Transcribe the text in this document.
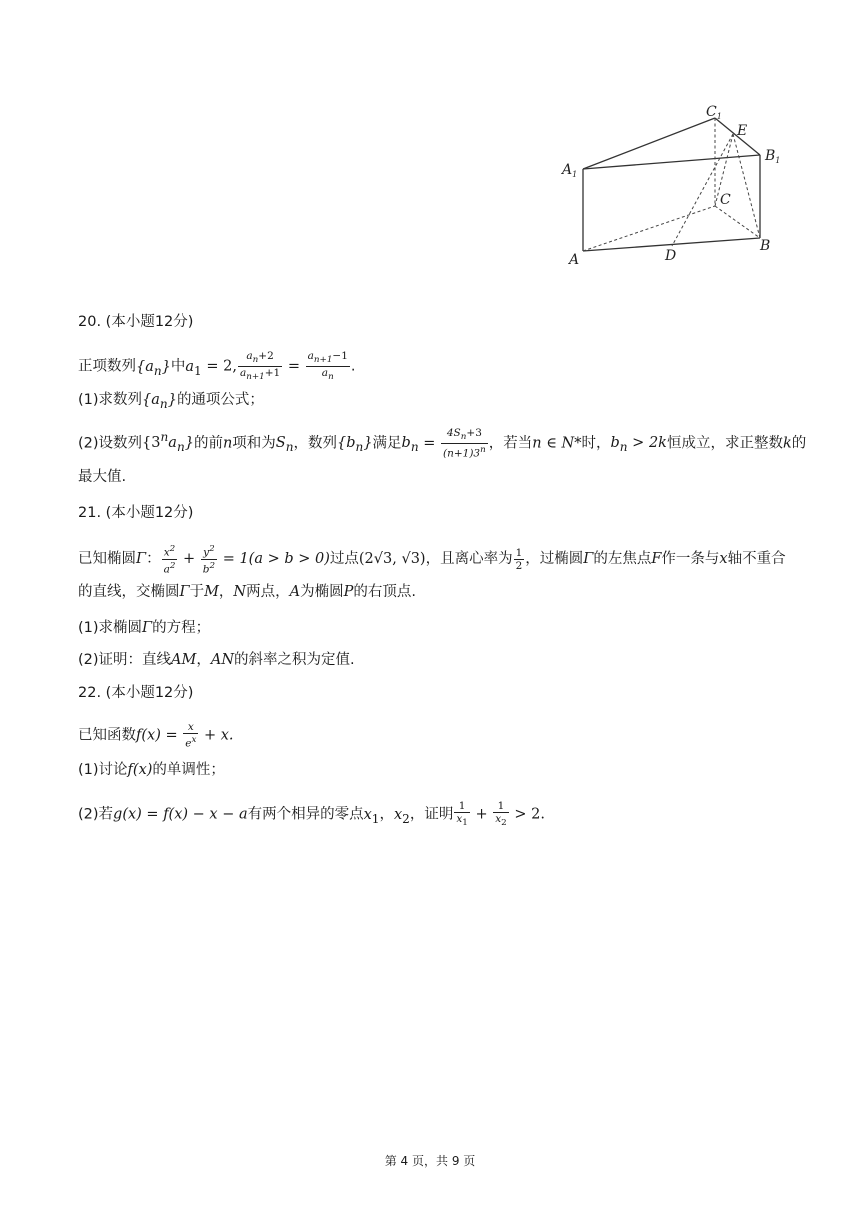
$C_1$
E
$A_1$
$B_1$
C
A	D
B
20. (本小题12分)
正项数列$\{a_n\}$中$a_1 = 2$, $\frac{a_n+2}{a_{n+1}+1} = \frac{a_{n+1}-1}{a_n}$ .
(1)求数列$\{a_n\}$的通项公式；
(2)设数列$\{3^na_n\}$的前n项和为$S_n$，数列$\{b_n\}$满足$b_n = \frac{4S_n+3}{(n+1)3^n}$ ，若当n ∈ N*时，$b_n > 2k$恒成立，求正整数k的
最大值.
21. (本小题12分)
已知椭圆Γ： $\frac{x^2}{a^2} + \frac{y^2}{b^2} = 1(a > b > 0)$过点(2√3, √3)，且离心率为 $\frac{1}{2}$ ，过椭圆Γ的左焦点F作一条与x轴不重合
的直线，交椭圆Γ于M，N两点，A为椭圆P的右顶点.
(1)求椭圆Γ的方程；
(2)证明：直线AM，AN的斜率之积为定值.
22. (本小题12分)
已知函数$f(x) = \frac{x}{e^x} + x$.
(1)讨论f(x)的单调性；
(2)若g(x) = f(x) − x − a有两个相异的零点$x_1$，$x_2$，证明 $\frac{1}{x_1} + \frac{1}{x_2} > 2$.
第 4 页，共 9 页
